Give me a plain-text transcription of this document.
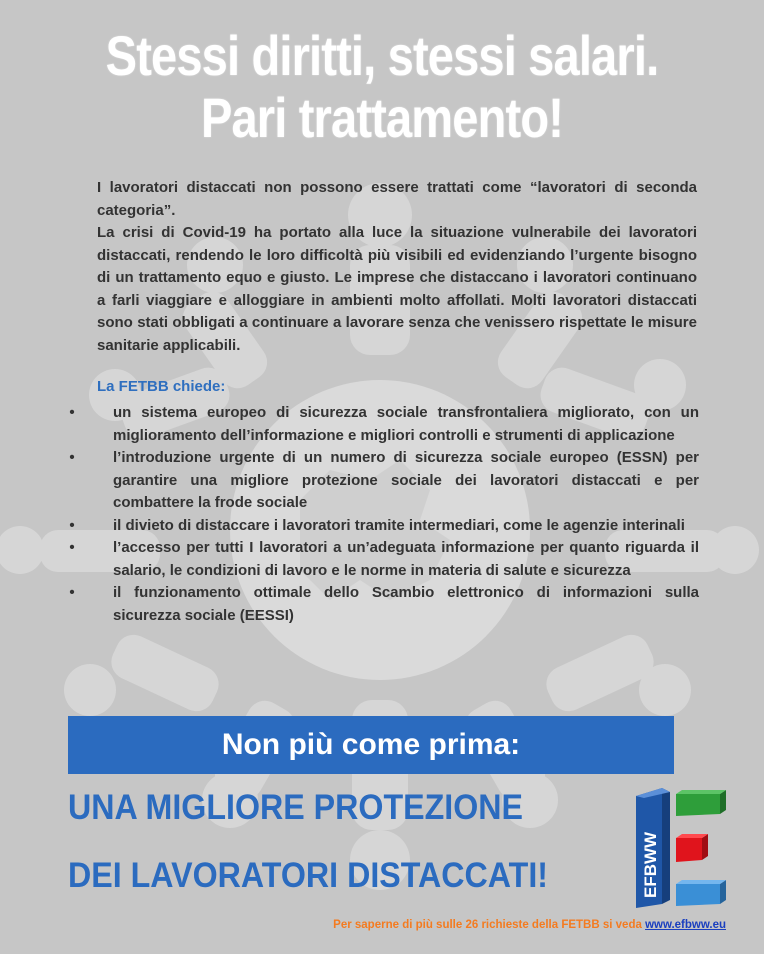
Stessi diritti, stessi salari.
Pari trattamento!
I lavoratori distaccati non possono essere trattati come “lavoratori di seconda categoria”.
La crisi di Covid-19 ha portato alla luce la situazione vulnerabile dei lavoratori distaccati, rendendo le loro difficoltà più visibili ed evidenziando l’urgente bisogno di un trattamento equo e giusto. Le imprese che distaccano i lavoratori continuano a farli viaggiare e alloggiare in ambienti molto affollati. Molti lavoratori distaccati sono stati obbligati a continuare a lavorare senza che venissero rispettate le misure sanitarie applicabili.
La FETBB chiede:
•	un sistema europeo di sicurezza sociale transfrontaliera migliorato, con un miglioramento dell’informazione e migliori controlli e strumenti di applicazione
•	l’introduzione urgente di un numero di sicurezza sociale europeo (ESSN) per garantire una migliore protezione sociale dei lavoratori distaccati e per combattere la frode sociale
•	il divieto di distaccare i lavoratori tramite intermediari, come le agenzie interinali
•	l’accesso per tutti I lavoratori a un’adeguata informazione per quanto riguarda il salario, le condizioni di lavoro e le norme in materia di salute e sicurezza
•	il funzionamento ottimale dello Scambio elettronico di informazioni sulla sicurezza sociale (EESSI)
Non più come prima:
UNA MIGLIORE PROTEZIONE
DEI LAVORATORI DISTACCATI!	EFBWW
Per saperne di più sulle 26 richieste della FETBB si veda www.efbww.eu
